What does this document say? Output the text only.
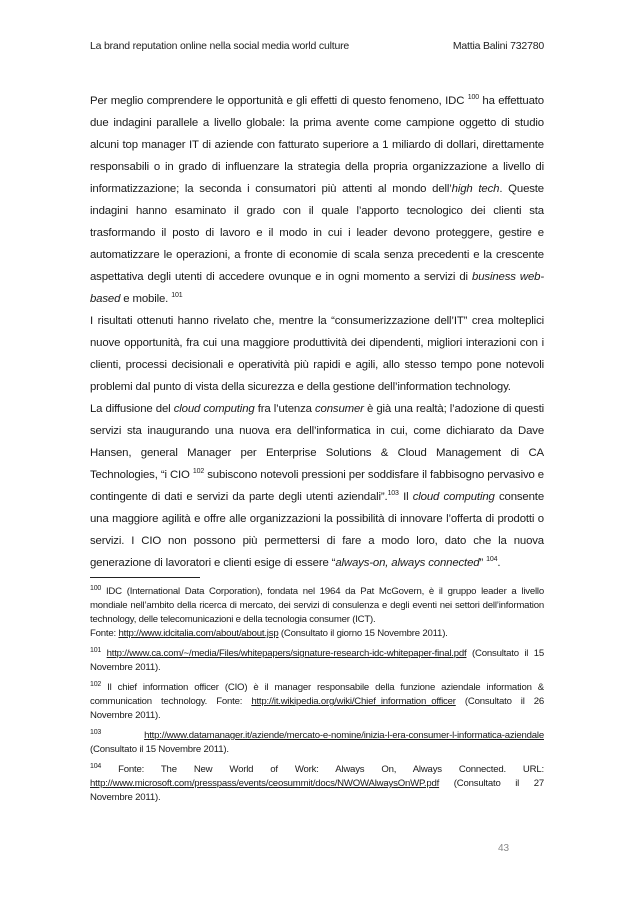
La brand reputation online nella social media world culture	Mattia Balini 732780

Per meglio comprendere le opportunità e gli effetti di questo fenomeno, IDC $^{100}$ ha effettuato due indagini parallele a livello globale: la prima avente come campione oggetto di studio alcuni top manager IT di aziende con fatturato superiore a 1 miliardo di dollari, direttamente responsabili o in grado di influenzare la strategia della propria organizzazione a livello di informatizzazione; la seconda i consumatori più attenti al mondo dell’high tech. Queste indagini hanno esaminato il grado con il quale l’apporto tecnologico dei clienti sta trasformando il posto di lavoro e il modo in cui i leader devono proteggere, gestire e automatizzare le operazioni, a fronte di economie di scala senza precedenti e la crescente aspettativa degli utenti di accedere ovunque e in ogni momento a servizi di business web-based e mobile. $^{101}$

I risultati ottenuti hanno rivelato che, mentre la “consumerizzazione dell’IT” crea molteplici nuove opportunità, fra cui una maggiore produttività dei dipendenti, migliori interazioni con i clienti, processi decisionali e operatività più rapidi e agili, allo stesso tempo pone notevoli problemi dal punto di vista della sicurezza e della gestione dell’information technology.

La diffusione del cloud computing fra l’utenza consumer è già una realtà; l’adozione di questi servizi sta inaugurando una nuova era dell’informatica in cui, come dichiarato da Dave Hansen, general Manager per Enterprise Solutions & Cloud Management di CA Technologies, “i CIO $^{102}$ subiscono notevoli pressioni per soddisfare il fabbisogno pervasivo e contingente di dati e servizi da parte degli utenti aziendali”.$^{103}$ Il cloud computing consente una maggiore agilità e offre alle organizzazioni la possibilità di innovare l’offerta di prodotti o servizi. I CIO non possono più permettersi di fare a modo loro, dato che la nuova generazione di lavoratori e clienti esige di essere “always-on, always connected” $^{104}$.

$^{100}$ IDC (International Data Corporation), fondata nel 1964 da Pat McGovern, è il gruppo leader a livello mondiale nell’ambito della ricerca di mercato, dei servizi di consulenza e degli eventi nei settori dell’information technology, delle telecomunicazioni e della tecnologia consumer (ICT).
Fonte: http://www.idcitalia.com/about/about.jsp (Consultato il giorno 15 Novembre 2011).

$^{101}$ http://www.ca.com/~/media/Files/whitepapers/signature-research-idc-whitepaper-final.pdf (Consultato il 15 Novembre 2011).

$^{102}$ Il chief information officer (CIO) è il manager responsabile della funzione aziendale information & communication technology. Fonte: http://it.wikipedia.org/wiki/Chief_information_officer (Consultato il 26 Novembre 2011).

$^{103}$	http://www.datamanager.it/aziende/mercato-e-nomine/inizia-l-era-consumer-l-informatica-aziendale (Consultato il 15 Novembre 2011).

$^{104}$ Fonte: The New World of Work: Always On, Always Connected. URL: http://www.microsoft.com/presspass/events/ceosummit/docs/NWOWAlwaysOnWP.pdf (Consultato il 27 Novembre 2011).

43
